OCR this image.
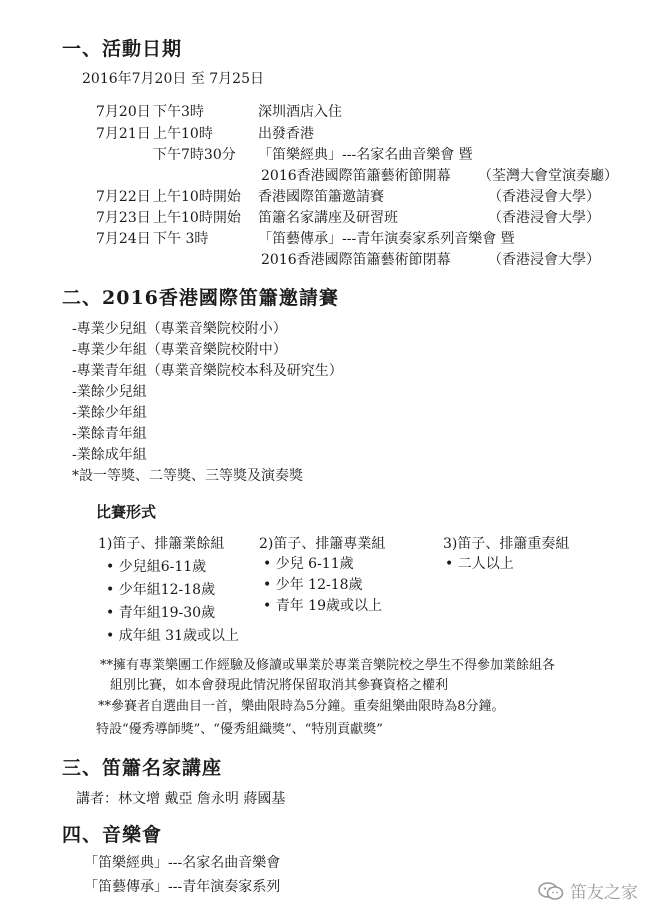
一、活動日期
2016年7月20日 至 7月25日
7月20日 下午3時	深圳酒店入住
7月21日 上午10時	出發香港
下午7時30分 「笛樂經典」---名家名曲音樂會 暨
2016香港國際笛簫藝術節開幕 （荃灣大會堂演奏廳）
7月22日 上午10時開始 香港國際笛簫邀請賽	（香港浸會大學）
7月23日 上午10時開始 笛簫名家講座及研習班	（香港浸會大學）
7月24日 下午 3時	「笛藝傳承」---青年演奏家系列音樂會 暨
2016香港國際笛簫藝術節閉幕	（香港浸會大學）
二、2016香港國際笛簫邀請賽
-專業少兒組（專業音樂院校附小）
-專業少年組（專業音樂院校附中）
-專業青年組（專業音樂院校本科及研究生）
-業餘少兒組
-業餘少年組
-業餘青年組
-業餘成年組
*設一等獎、二等獎、三等獎及演奏獎
比賽形式
1)笛子、排簫業餘組
• 少兒組6-11歲
• 少年組12-18歲
• 青年組19-30歲
• 成年組 31歲或以上
2)笛子、排簫專業組
• 少兒 6-11歲
• 少年 12-18歲
• 青年 19歲或以上
3)笛子、排簫重奏組
• 二人以上
**擁有專業樂團工作經驗及修讀或畢業於專業音樂院校之學生不得參加業餘組各
組別比賽，如本會發現此情況將保留取消其參賽資格之權利
**參賽者自選曲目一首，樂曲限時為5分鐘。重奏組樂曲限時為8分鐘。
特設“優秀導師獎”、“優秀組織獎”、“特別貢獻獎”
三、笛簫名家講座
講者：林文增 戴亞 詹永明 蔣國基
四、音樂會
「笛樂經典」---名家名曲音樂會
「笛藝傳承」---青年演奏家系列	笛友之家
